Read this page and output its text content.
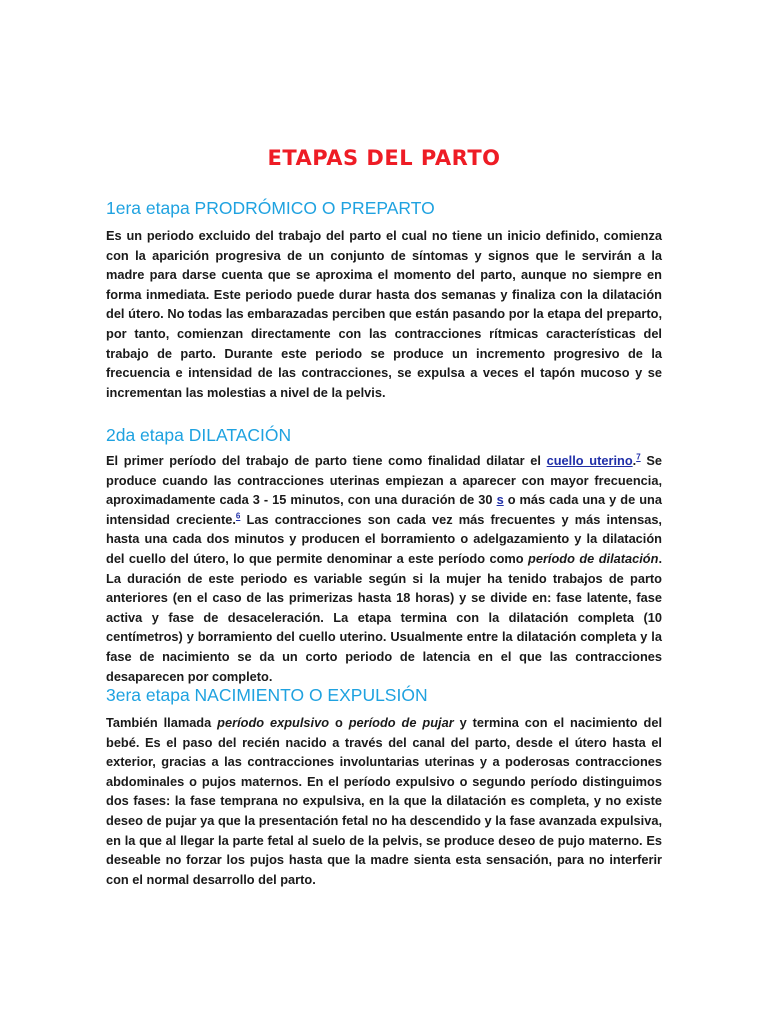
ETAPAS DEL PARTO
1era etapa PRODRÓMICO O PREPARTO

Es un periodo excluido del trabajo del parto el cual no tiene un inicio definido, comienza con la aparición progresiva de un conjunto de síntomas y signos que le servirán a la madre para darse cuenta que se aproxima el momento del parto, aunque no siempre en forma inmediata. Este periodo puede durar hasta dos semanas y finaliza con la dilatación del útero. No todas las embarazadas perciben que están pasando por la etapa del preparto, por tanto, comienzan directamente con las contracciones rítmicas características del trabajo de parto. Durante este periodo se produce un incremento progresivo de la frecuencia e intensidad de las contracciones, se expulsa a veces el tapón mucoso y se incrementan las molestias a nivel de la pelvis.

2da etapa DILATACIÓN

El primer período del trabajo de parto tiene como finalidad dilatar el cuello uterino.$^7$ Se produce cuando las contracciones uterinas empiezan a aparecer con mayor frecuencia, aproximadamente cada 3 - 15 minutos, con una duración de 30 s o más cada una y de una intensidad creciente.$^6$ Las contracciones son cada vez más frecuentes y más intensas, hasta una cada dos minutos y producen el borramiento o adelgazamiento y la dilatación del cuello del útero, lo que permite denominar a este período como período de dilatación. La duración de este periodo es variable según si la mujer ha tenido trabajos de parto anteriores (en el caso de las primerizas hasta 18 horas) y se divide en: fase latente, fase activa y fase de desaceleración. La etapa termina con la dilatación completa (10 centímetros) y borramiento del cuello uterino. Usualmente entre la dilatación completa y la fase de nacimiento se da un corto periodo de latencia en el que las contracciones desaparecen por completo.

3era etapa NACIMIENTO O EXPULSIÓN

También llamada período expulsivo o período de pujar y termina con el nacimiento del bebé. Es el paso del recién nacido a través del canal del parto, desde el útero hasta el exterior, gracias a las contracciones involuntarias uterinas y a poderosas contracciones abdominales o pujos maternos. En el período expulsivo o segundo período distinguimos dos fases: la fase temprana no expulsiva, en la que la dilatación es completa, y no existe deseo de pujar ya que la presentación fetal no ha descendido y la fase avanzada expulsiva, en la que al llegar la parte fetal al suelo de la pelvis, se produce deseo de pujo materno. Es deseable no forzar los pujos hasta que la madre sienta esta sensación, para no interferir con el normal desarrollo del parto.
